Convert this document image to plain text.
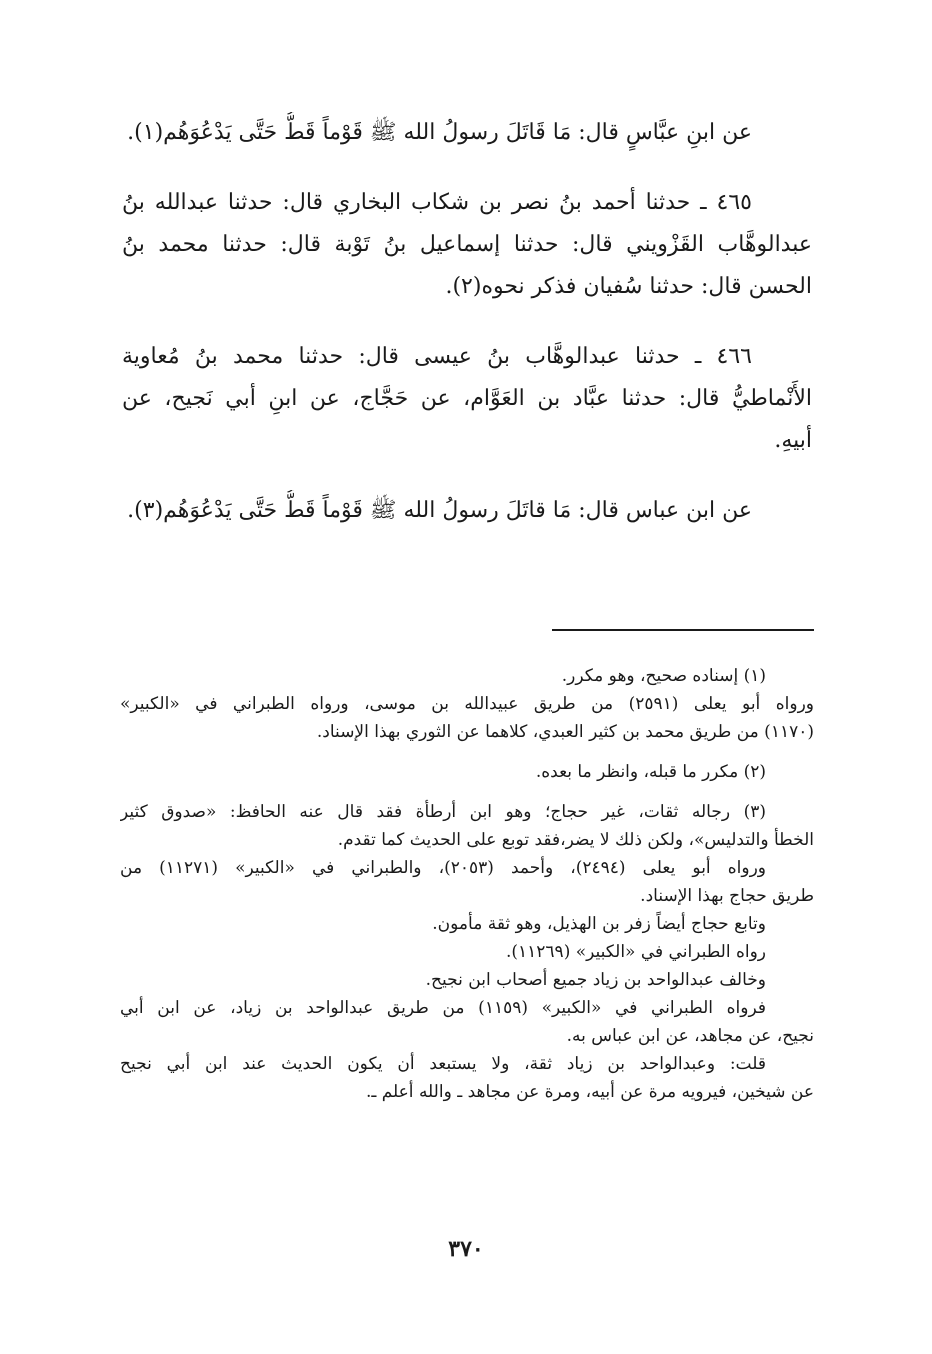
عن ابنِ عبَّاسٍ قال: مَا قَاتَلَ رسولُ الله ﷺ قَوْماً قَطُّ حَتَّى يَدْعُوَهُم(١).
٤٦٥ ـ حدثنا أحمد بنُ نصر بن شكاب البخاري قال: حدثنا عبدالله بنُ
عبدالوهَّاب القَزْويني قال: حدثنا إسماعيل بنُ تَوْبة قال: حدثنا محمد بنُ
الحسن قال: حدثنا سُفيان فذكر نحوه(٢).
٤٦٦ ـ حدثنا عبدالوهَّاب بنُ عيسى قال: حدثنا محمد بنُ مُعاوية
الأَنْماطيُّ قال: حدثنا عبَّاد بن العَوَّام، عن حَجَّاج، عن ابنِ أبي نَجيح، عن
أبيهِ.
عن ابن عباس قال: مَا قاتَلَ رسولُ الله ﷺ قَوْماً قَطُّ حَتَّى يَدْعُوَهُم(٣).
(١) إسناده صحيح، وهو مكرر.
ورواه أبو يعلى (٢٥٩١) من طريق عبيدالله بن موسى، ورواه الطبراني في «الكبير»
(١١٧٠) من طريق محمد بن كثير العبدي، كلاهما عن الثوري بهذا الإسناد.
(٢) مكرر ما قبله، وانظر ما بعده.
(٣) رجاله ثقات، غير حجاج؛ وهو ابن أرطأة فقد قال عنه الحافظ: «صدوق كثير
الخطأ والتدليس»، ولكن ذلك لا يضر،فقد توبع على الحديث كما تقدم.
ورواه أبو يعلى (٢٤٩٤)، وأحمد (٢٠٥٣)، والطبراني في «الكبير» (١١٢٧١) من
طريق حجاج بهذا الإسناد.
وتابع حجاج أيضاً زفر بن الهذيل، وهو ثقة مأمون.
رواه الطبراني في «الكبير» (١١٢٦٩).
وخالف عبدالواحد بن زياد جميع أصحاب ابن نجيح.
فرواه الطبراني في «الكبير» (١١٥٩) من طريق عبدالواحد بن زياد، عن ابن أبي
نجيح، عن مجاهد، عن ابن عباس به.
قلت: وعبدالواحد بن زياد ثقة، ولا يستبعد أن يكون الحديث عند ابن أبي نجيح
عن شيخين، فيرويه مرة عن أبيه، ومرة عن مجاهد ـ والله أعلم ـ.
٣٧٠
